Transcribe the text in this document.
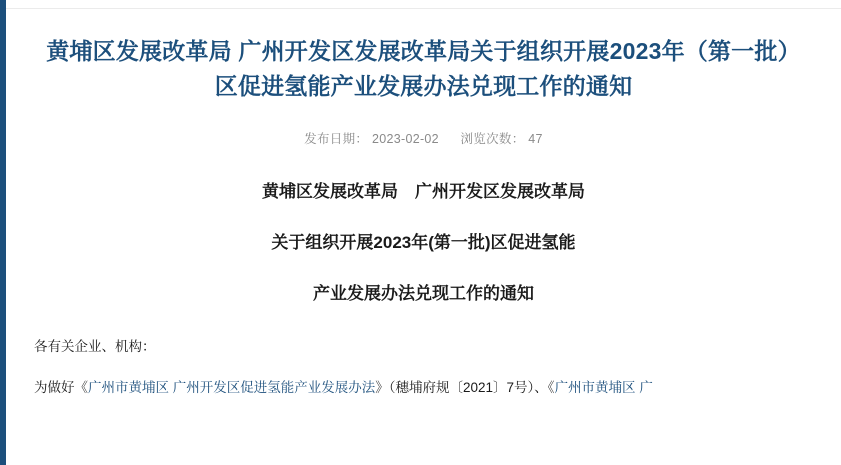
黄埔区发展改革局 广州开发区发展改革局关于组织开展2023年（第一批）区促进氢能产业发展办法兑现工作的通知
发布日期： 2023-02-02 浏览次数： 47
黄埔区发展改革局　广州开发区发展改革局
关于组织开展2023年(第一批)区促进氢能
产业发展办法兑现工作的通知
各有关企业、机构：
为做好《广州市黄埔区 广州开发区促进氢能产业发展办法》（穗埔府规〔2021〕7号）、《广州市黄埔区 广
